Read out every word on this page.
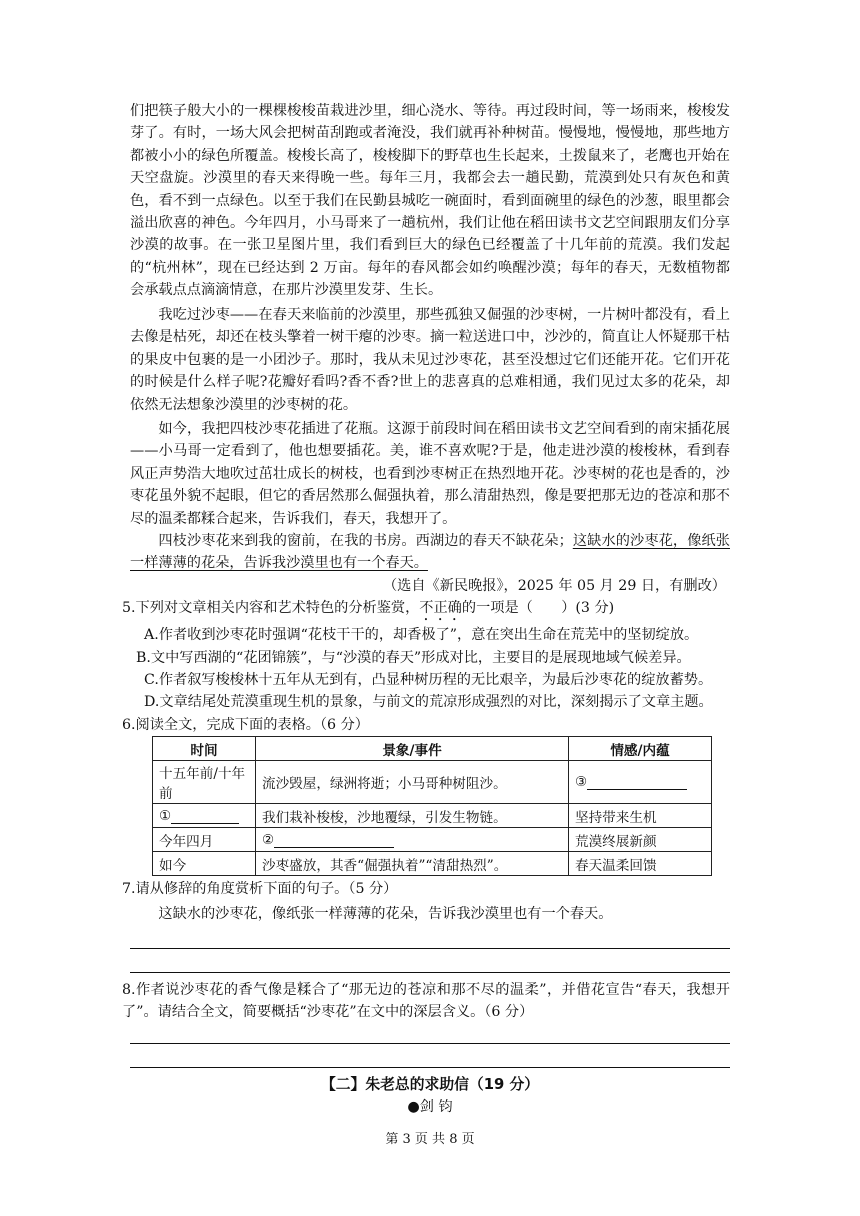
们把筷子般大小的一棵棵梭梭苗栽进沙里，细心浇水、等待。再过段时间，等一场雨来，梭梭发芽了。有时，一场大风会把树苗刮跑或者淹没，我们就再补种树苗。慢慢地，慢慢地，那些地方都被小小的绿色所覆盖。梭梭长高了，梭梭脚下的野草也生长起来，土拨鼠来了，老鹰也开始在天空盘旋。沙漠里的春天来得晚一些。每年三月，我都会去一趟民勤，荒漠到处只有灰色和黄色，看不到一点绿色。以至于我们在民勤县城吃一碗面时，看到面碗里的绿色的沙葱，眼里都会溢出欣喜的神色。今年四月，小马哥来了一趟杭州，我们让他在稻田读书文艺空间跟朋友们分享沙漠的故事。在一张卫星图片里，我们看到巨大的绿色已经覆盖了十几年前的荒漠。我们发起的“杭州林”，现在已经达到 2 万亩。每年的春风都会如约唤醒沙漠；每年的春天，无数植物都会承载点点滴滴情意，在那片沙漠里发芽、生长。

我吃过沙枣——在春天来临前的沙漠里，那些孤独又倔强的沙枣树，一片树叶都没有，看上去像是枯死，却还在枝头擎着一树干瘪的沙枣。摘一粒送进口中，沙沙的，简直让人怀疑那干枯的果皮中包裹的是一小团沙子。那时，我从未见过沙枣花，甚至没想过它们还能开花。它们开花的时候是什么样子呢?花瓣好看吗?香不香?世上的悲喜真的总难相通，我们见过太多的花朵，却依然无法想象沙漠里的沙枣树的花。

如今，我把四枝沙枣花插进了花瓶。这源于前段时间在稻田读书文艺空间看到的南宋插花展——小马哥一定看到了，他也想要插花。美，谁不喜欢呢?于是，他走进沙漠的梭梭林，看到春风正声势浩大地吹过茁壮成长的树枝，也看到沙枣树正在热烈地开花。沙枣树的花也是香的，沙枣花虽外貌不起眼，但它的香居然那么倔强执着，那么清甜热烈，像是要把那无边的苍凉和那不尽的温柔都糅合起来，告诉我们，春天，我想开了。

四枝沙枣花来到我的窗前，在我的书房。西湖边的春天不缺花朵；这缺水的沙枣花，像纸张一样薄薄的花朵，告诉我沙漠里也有一个春天。

（选自《新民晚报》，2025 年 05 月 29 日，有删改）

5.下列对文章相关内容和艺术特色的分析鉴赏，不正确的一项是（　　）(3 分)

A.作者收到沙枣花时强调“花枝干干的，却香极了”，意在突出生命在荒芜中的坚韧绽放。

B.文中写西湖的“花团锦簇”，与“沙漠的春天”形成对比，主要目的是展现地域气候差异。

C.作者叙写梭梭林十五年从无到有，凸显种树历程的无比艰辛，为最后沙枣花的绽放蓄势。

D.文章结尾处荒漠重现生机的景象，与前文的荒凉形成强烈的对比，深刻揭示了文章主题。

6.阅读全文，完成下面的表格。（6 分）

时间	景象/事件	情感/内蕴
十五年前/十年前	流沙毁屋，绿洲将逝；小马哥种树阻沙。	③
①	我们栽补梭梭，沙地覆绿，引发生物链。	坚持带来生机
今年四月	②	荒漠终展新颜
如今	沙枣盛放，其香“倔强执着”“清甜热烈”。	春天温柔回馈

7.请从修辞的角度赏析下面的句子。（5 分）

这缺水的沙枣花，像纸张一样薄薄的花朵，告诉我沙漠里也有一个春天。

8.作者说沙枣花的香气像是糅合了“那无边的苍凉和那不尽的温柔”，并借花宣告“春天，我想开了”。请结合全文，简要概括“沙枣花”在文中的深层含义。（6 分）

【二】朱老总的求助信（19 分）

●剑 钧

第 3 页 共 8 页
